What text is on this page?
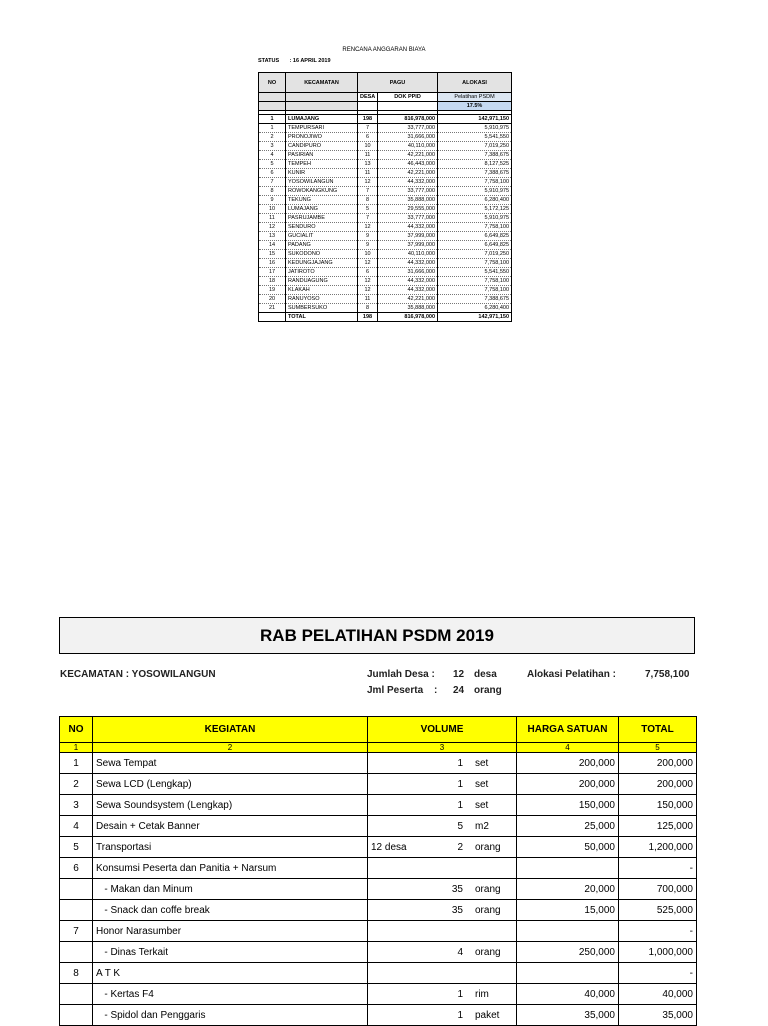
RENCANA ANGGARAN BIAYA
STATUS : 16 APRIL 2019
NO	KECAMATAN	PAGU		ALOKASI

		DESA	DOK PPID	Pelatihan PSDM
				17.5%

1	LUMAJANG	198	816,978,000	142,971,150
1	TEMPURSARI	7	33,777,000	5,910,975
2	PRONOJIWO	6	31,666,000	5,541,550
3	CANDIPURO	10	40,110,000	7,019,250
4	PASIRIAN	11	42,221,000	7,388,675
5	TEMPEH	13	46,443,000	8,127,525
6	KUNIR	11	42,221,000	7,388,675
7	YOSOWILANGUN	12	44,332,000	7,758,100
8	ROWOKANGKUNG	7	33,777,000	5,910,975
9	TEKUNG	8	35,888,000	6,280,400
10	LUMAJANG	5	29,555,000	5,172,125
11	PASRUJAMBE	7	33,777,000	5,910,975
12	SENDURO	12	44,332,000	7,758,100
13	GUCIALIT	9	37,999,000	6,649,825
14	PADANG	9	37,999,000	6,649,825
15	SUKODONO	10	40,110,000	7,019,250
16	KEDUNGJAJANG	12	44,332,000	7,758,100
17	JATIROTO	6	31,666,000	5,541,550
18	RANDUAGUNG	12	44,332,000	7,758,100
19	KLAKAH	12	44,332,000	7,758,100
20	RANUYOSO	11	42,221,000	7,388,675
21	SUMBERSUKO	8	35,888,000	6,280,400
	TOTAL	198	816,978,000	142,971,150
RAB PELATIHAN PSDM 2019
KECAMATAN : YOSOWILANGUN	Jumlah Desa : 12 desa
Jml Peserta : 24 orang
Alokasi Pelatihan :	7,758,100
NO	KEGIATAN	VOLUME	HARGA SATUAN	TOTAL
1	2	3	4	5
1	Sewa Tempat	1 set	200,000	200,000
2	Sewa LCD (Lengkap)	1 set	200,000	200,000
3	Sewa Soundsystem (Lengkap)	1 set	150,000	150,000
4	Desain + Cetak Banner	5 m2	25,000	125,000
5	Transportasi	12 desa 2 orang	50,000	1,200,000
6	Konsumsi Peserta dan Panitia + Narsum			-
	- Makan dan Minum	35 orang	20,000	700,000
	- Snack dan coffe break	35 orang	15,000	525,000
7	Honor Narasumber			-
	- Dinas Terkait	4 orang	250,000	1,000,000
8	A T K			-
	- Kertas F4	1 rim	40,000	40,000
	- Spidol dan Penggaris	1 paket	35,000	35,000
